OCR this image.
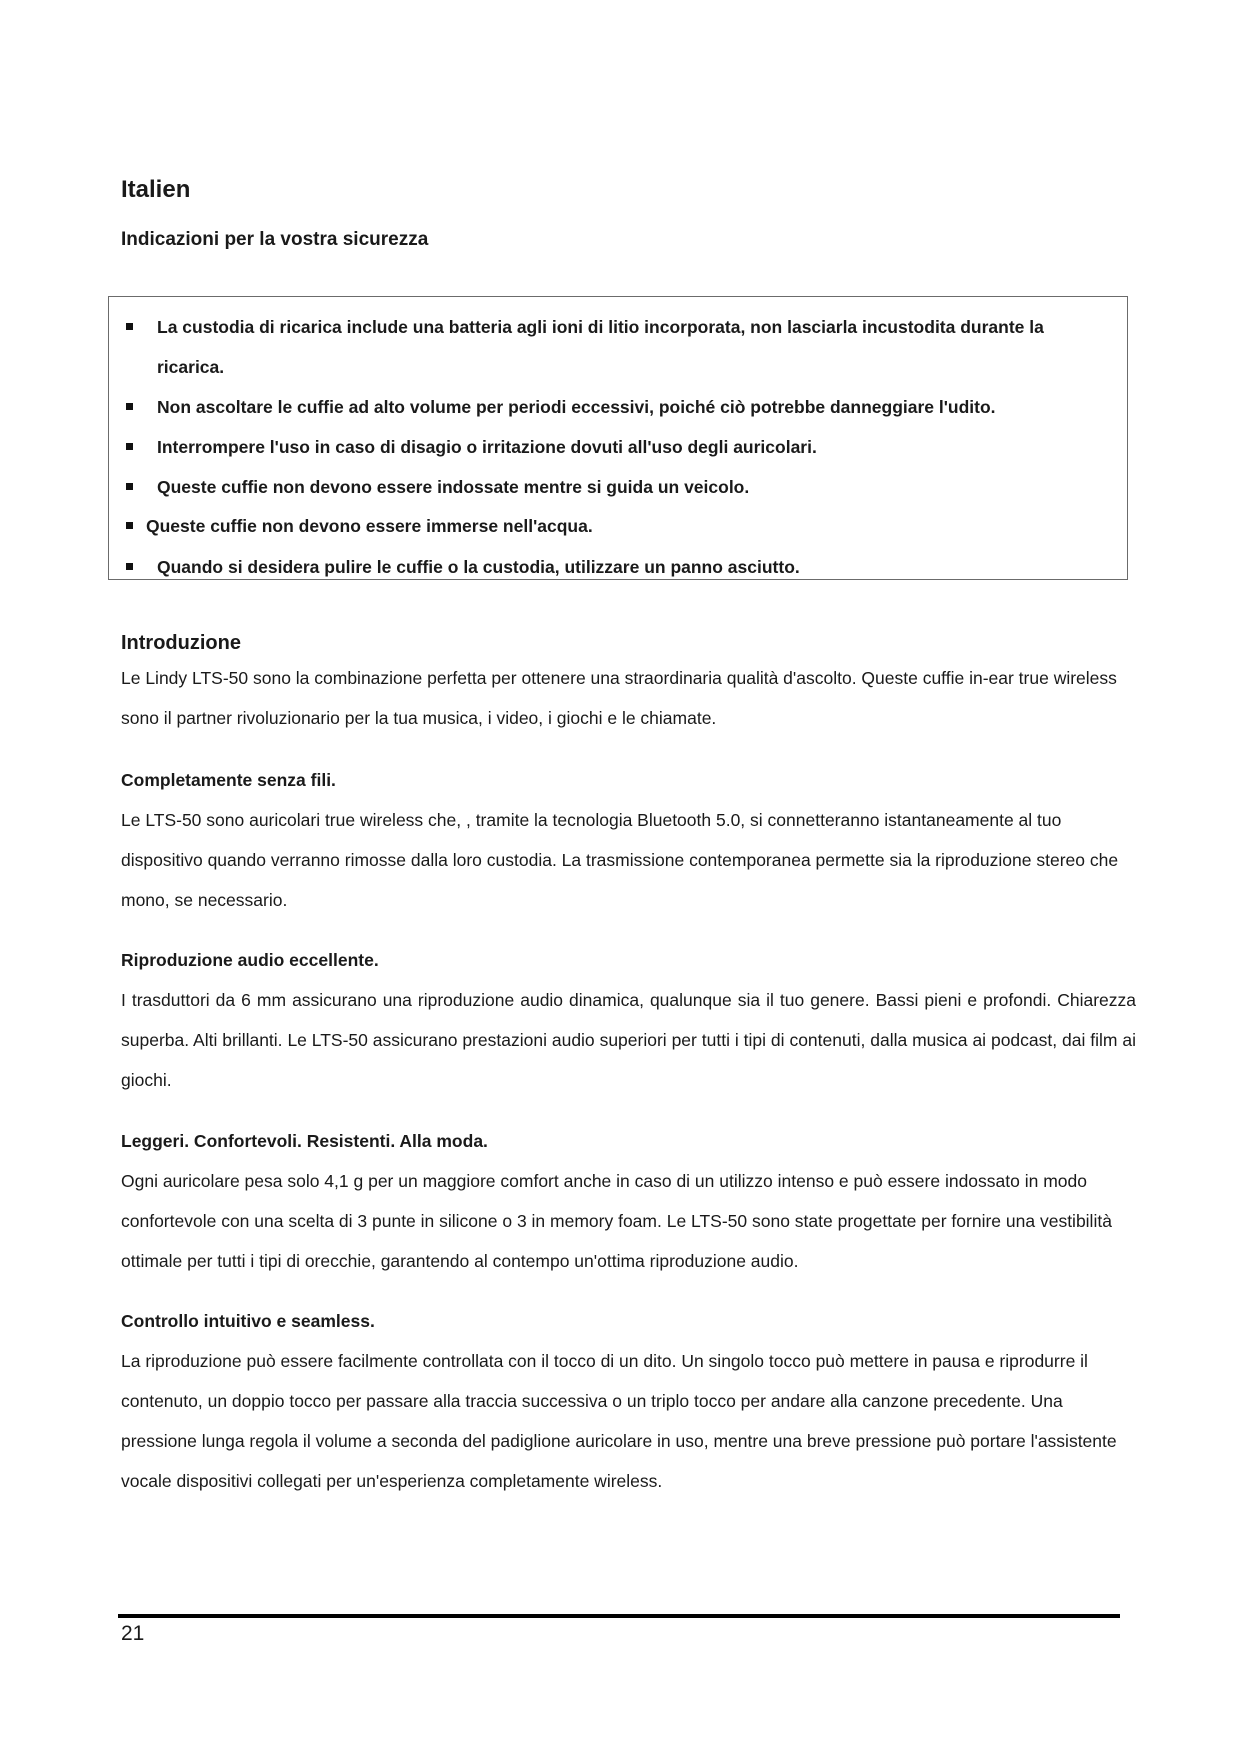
Italien
Indicazioni per la vostra sicurezza
La custodia di ricarica include una batteria agli ioni di litio incorporata, non lasciarla incustodita durante la ricarica.
Non ascoltare le cuffie ad alto volume per periodi eccessivi, poiché ciò potrebbe danneggiare l'udito.
Interrompere l'uso in caso di disagio o irritazione dovuti all'uso degli auricolari.
Queste cuffie non devono essere indossate mentre si guida un veicolo.
Queste cuffie non devono essere immerse nell'acqua.
Quando si desidera pulire le cuffie o la custodia, utilizzare un panno asciutto.
Introduzione

Le Lindy LTS-50 sono la combinazione perfetta per ottenere una straordinaria qualità d'ascolto. Queste cuffie in-ear true wireless sono il partner rivoluzionario per la tua musica, i video, i giochi e le chiamate.

Completamente senza fili.

Le LTS-50 sono auricolari true wireless che, , tramite la tecnologia Bluetooth 5.0, si connetteranno istantaneamente al tuo dispositivo quando verranno rimosse dalla loro custodia. La trasmissione contemporanea permette sia la riproduzione stereo che mono, se necessario.

Riproduzione audio eccellente.

I trasduttori da 6 mm assicurano una riproduzione audio dinamica, qualunque sia il tuo genere. Bassi pieni e profondi. Chiarezza superba. Alti brillanti. Le LTS-50 assicurano prestazioni audio superiori per tutti i tipi di contenuti, dalla musica ai podcast, dai film ai giochi.

Leggeri. Confortevoli. Resistenti. Alla moda.

Ogni auricolare pesa solo 4,1 g per un maggiore comfort anche in caso di un utilizzo intenso e può essere indossato in modo confortevole con una scelta di 3 punte in silicone o 3 in memory foam. Le LTS-50 sono state progettate per fornire una vestibilità ottimale per tutti i tipi di orecchie, garantendo al contempo un'ottima riproduzione audio.

Controllo intuitivo e seamless.

La riproduzione può essere facilmente controllata con il tocco di un dito. Un singolo tocco può mettere in pausa e riprodurre il contenuto, un doppio tocco per passare alla traccia successiva o un triplo tocco per andare alla canzone precedente. Una pressione lunga regola il volume a seconda del padiglione auricolare in uso, mentre una breve pressione può portare l'assistente vocale dispositivi collegati per un'esperienza completamente wireless.

21
